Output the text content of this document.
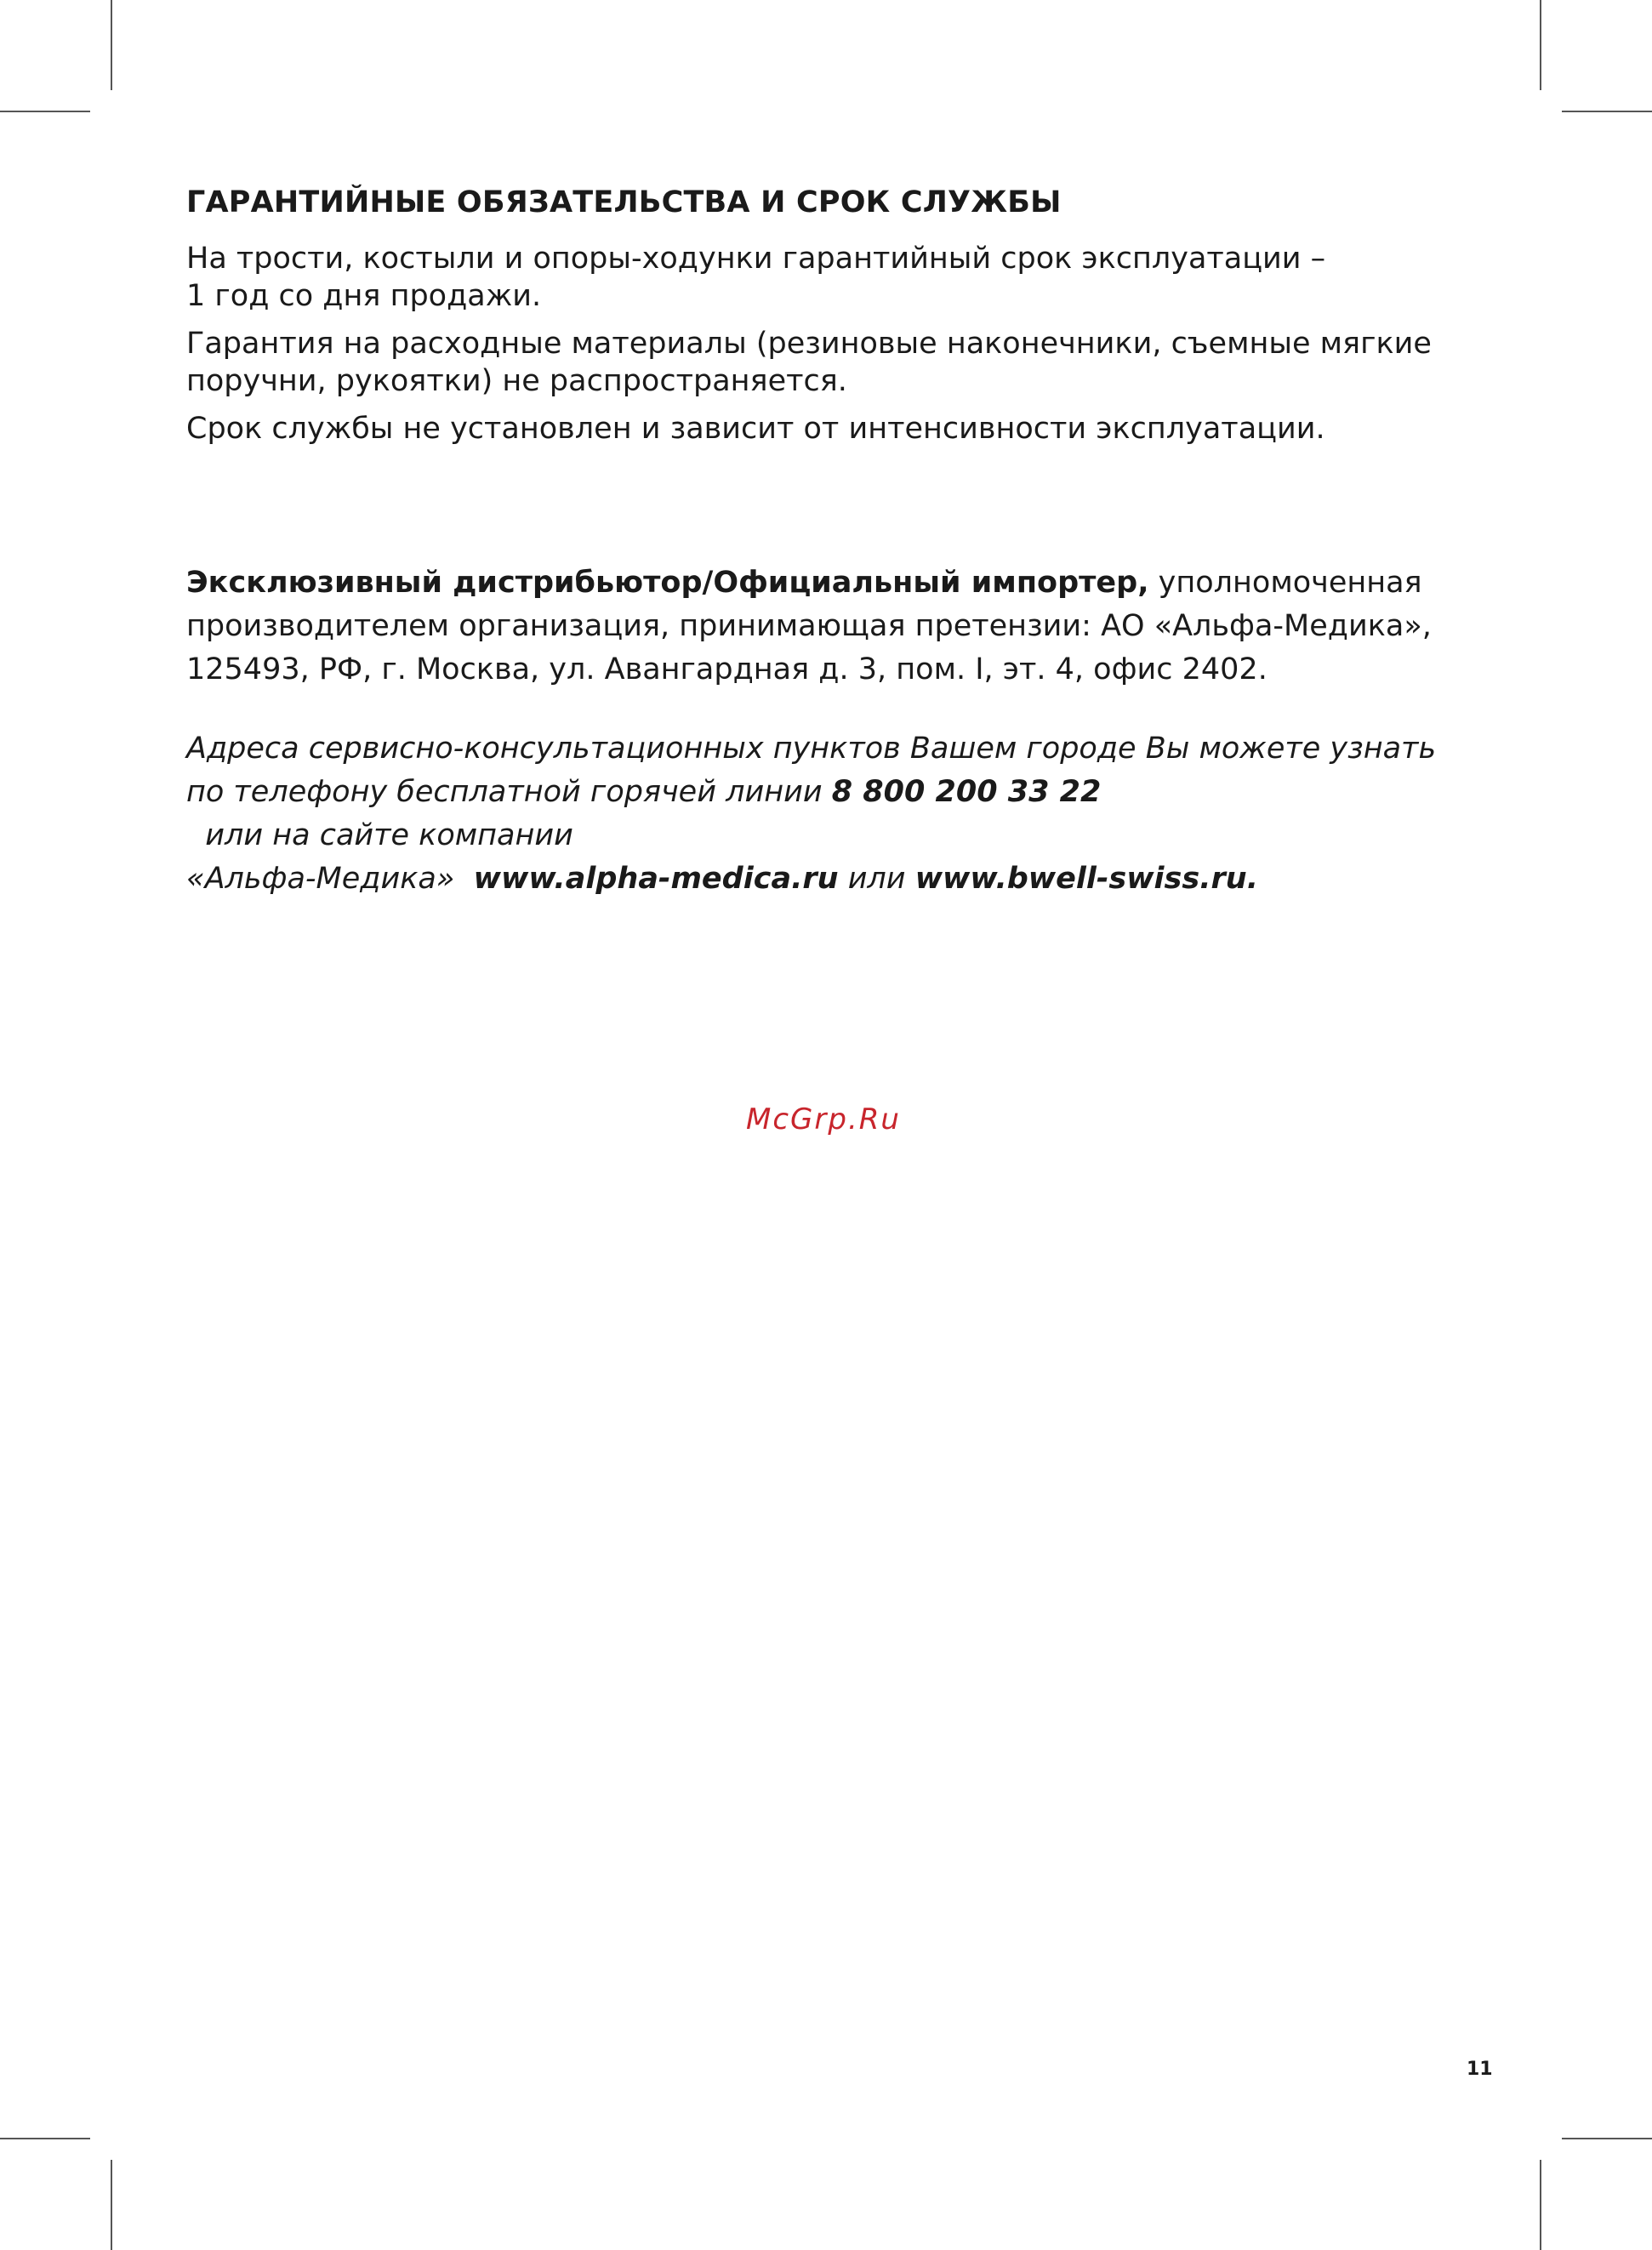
ГАРАНТИЙНЫЕ ОБЯЗАТЕЛЬСТВА И СРОК СЛУЖБЫ
На трости, костыли и опоры-ходунки гарантийный срок эксплуатации –
1 год со дня продажи.
Гарантия на расходные материалы (резиновые наконечники, съемные мягкие
поручни, рукоятки) не распространяется.
Срок службы не установлен и зависит от интенсивности эксплуатации.
Эксклюзивный дистрибьютор/Официальный импортер, уполномоченная
производителем организация, принимающая претензии: АО «Альфа-Медика»,
125493, РФ, г. Москва, ул. Авангардная д. 3, пом. I, эт. 4, офис 2402.
Адреса сервисно-консультационных пунктов Вашем городе Вы можете узнать
по телефону бесплатной горячей линии 8 800 200 33 22  или на сайте компании
«Альфа-Медика»  www.alpha-medica.ru или www.bwell-swiss.ru.
McGrp.Ru
11
